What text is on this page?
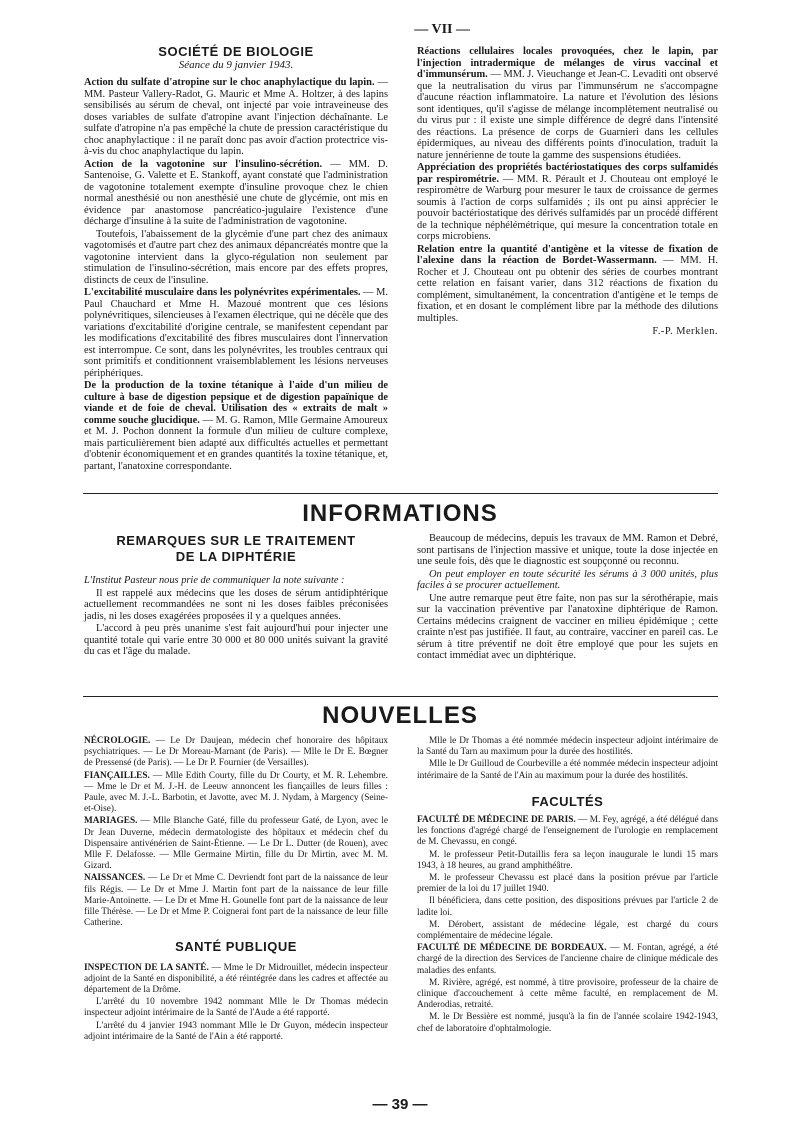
— VII —
SOCIÉTÉ DE BIOLOGIE
Séance du 9 janvier 1943.

Action du sulfate d'atropine sur le choc anaphylactique du lapin. — MM. Pasteur Vallery-Radot, G. Mauric et Mme A. Holtzer, à des lapins sensibilisés au sérum de cheval, ont injecté par voie intraveineuse des doses variables de sulfate d'atropine avant l'injection déchaînante. Le sulfate d'atropine n'a pas empêché la chute de pression caractéristique du choc anaphylactique : il ne paraît donc pas avoir d'action protectrice vis-à-vis du choc anaphylactique du lapin.

Action de la vagotonine sur l'insulino-sécrétion. — MM. D. Santenoise, G. Valette et E. Stankoff, ayant constaté que l'administration de vagotonine totalement exempte d'insuline provoque chez le chien normal anesthésié ou non anesthésié une chute de glycémie, ont mis en évidence par anastomose pancréatico-jugulaire l'existence d'une décharge d'insuline à la suite de l'administration de vagotonine.

Toutefois, l'abaissement de la glycémie d'une part chez des animaux vagotomisés et d'autre part chez des animaux dépancréatés montre que la vagotonine intervient dans la glyco-régulation non seulement par stimulation de l'insulino-sécrétion, mais encore par des effets propres, distincts de ceux de l'insuline.

L'excitabilité musculaire dans les polynévrites expérimentales. — M. Paul Chauchard et Mme H. Mazoué montrent que ces lésions polynévritiques, silencieuses à l'examen électrique, qui ne décèle que des variations d'excitabilité d'origine centrale, se manifestent cependant par les modifications d'excitabilité des fibres musculaires dont l'innervation est interrompue. Ce sont, dans les polynévrites, les troubles centraux qui sont primitifs et conditionnent vraisemblablement les lésions nerveuses périphériques.

De la production de la toxine tétanique à l'aide d'un milieu de culture à base de digestion pepsique et de digestion papaïnique de viande et de foie de cheval. Utilisation des « extraits de malt » comme souche glucidique. — M. G. Ramon, Mlle Germaine Amoureux et M. J. Pochon donnent la formule d'un milieu de culture complexe, mais particulièrement bien adapté aux difficultés actuelles et permettant d'obtenir économiquement et en grandes quantités la toxine tétanique, et, partant, l'anatoxine correspondante.

Réactions cellulaires locales provoquées, chez le lapin, par l'injection intradermique de mélanges de virus vaccinal et d'immunsérum. — MM. J. Vieuchange et Jean-C. Levaditi ont observé que la neutralisation du virus par l'immunsérum ne s'accompagne d'aucune réaction inflammatoire. La nature et l'évolution des lésions sont identiques, qu'il s'agisse de mélange incomplètement neutralisé ou du virus pur : il existe une simple différence de degré dans l'intensité des réactions. La présence de corps de Guarnieri dans les cellules épidermiques, au niveau des différents points d'inoculation, traduit la nature jennérienne de toute la gamme des suspensions étudiées.

Appréciation des propriétés bactériostatiques des corps sulfamidés par respirométrie. — MM. R. Pérault et J. Chouteau ont employé le respiromètre de Warburg pour mesurer le taux de croissance de germes soumis à l'action de corps sulfamidés ; ils ont pu ainsi apprécier le pouvoir bactériostatique des dérivés sulfamidés par un procédé différent de la technique néphélémétrique, qui mesure la concentration totale en corps microbiens.

Relation entre la quantité d'antigène et la vitesse de fixation de l'alexine dans la réaction de Bordet-Wassermann. — MM. H. Rocher et J. Chouteau ont pu obtenir des séries de courbes montrant cette relation en faisant varier, dans 312 réactions de fixation du complément, simultanément, la concentration d'antigène et le temps de fixation, et en dosant le complément libre par la méthode des dilutions multiples.

F.-P. Merklen.
INFORMATIONS
REMARQUES SUR LE TRAITEMENT
DE LA DIPHTÉRIE

L'Institut Pasteur nous prie de communiquer la note suivante :

Il est rappelé aux médecins que les doses de sérum antidiphtérique actuellement recommandées ne sont ni les doses faibles préconisées jadis, ni les doses exagérées proposées il y a quelques années.

L'accord à peu près unanime s'est fait aujourd'hui pour injecter une quantité totale qui varie entre 30 000 et 80 000 unités suivant la gravité du cas et l'âge du malade.

Beaucoup de médecins, depuis les travaux de MM. Ramon et Debré, sont partisans de l'injection massive et unique, toute la dose injectée en une seule fois, dès que le diagnostic est soupçonné ou reconnu.

On peut employer en toute sécurité les sérums à 3 000 unités, plus faciles à se procurer actuellement.

Une autre remarque peut être faite, non pas sur la sérothérapie, mais sur la vaccination préventive par l'anatoxine diphtérique de Ramon. Certains médecins craignent de vacciner en milieu épidémique ; cette crainte n'est pas justifiée. Il faut, au contraire, vacciner en pareil cas. Le sérum à titre préventif ne doit être employé que pour les sujets en contact immédiat avec un diphtérique.

NOUVELLES

NÉCROLOGIE. — Le Dr Daujean, médecin chef honoraire des hôpitaux psychiatriques. — Le Dr Moreau-Marnant (de Paris). — Mlle le Dr E. Bœgner de Pressensé (de Paris). — Le Dr P. Fournier (de Versailles).

FIANÇAILLES. — Mlle Edith Courty, fille du Dr Courty, et M. R. Lehembre. — Mme le Dr et M. J.-H. de Leeuw annoncent les fiançailles de leurs filles : Paule, avec M. J.-L. Barbotin, et Javotte, avec M. J. Nydam, à Margency (Seine-et-Oise).

MARIAGES. — Mlle Blanche Gaté, fille du professeur Gaté, de Lyon, avec le Dr Jean Duverne, médecin dermatologiste des hôpitaux et médecin chef du Dispensaire antivénérien de Saint-Étienne. — Le Dr L. Dutter (de Rouen), avec Mlle F. Delafosse. — Mlle Germaine Mirtin, fille du Dr Mirtin, avec M. M. Gizard.

NAISSANCES. — Le Dr et Mme C. Devriendt font part de la naissance de leur fils Régis. — Le Dr et Mme J. Martin font part de la naissance de leur fille Marie-Antoinette. — Le Dr et Mme H. Gounelle font part de la naissance de leur fille Thérèse. — Le Dr et Mme P. Coignerai font part de la naissance de leur fille Catherine.

SANTÉ PUBLIQUE

INSPECTION DE LA SANTÉ. — Mme le Dr Midrouillet, médecin inspecteur adjoint de la Santé en disponibilité, a été réintégrée dans les cadres et affectée au département de la Drôme.

L'arrêté du 10 novembre 1942 nommant Mlle le Dr Thomas médecin inspecteur adjoint intérimaire de la Santé de l'Aude a été rapporté.

L'arrêté du 4 janvier 1943 nommant Mlle le Dr Guyon, médecin inspecteur adjoint intérimaire de la Santé de l'Ain a été rapporté.

Mlle le Dr Thomas a été nommée médecin inspecteur adjoint intérimaire de la Santé du Tarn au maximum pour la durée des hostilités.

Mlle le Dr Guilloud de Courbeville a été nommée médecin inspecteur adjoint intérimaire de la Santé de l'Ain au maximum pour la durée des hostilités.

FACULTÉS

FACULTÉ DE MÉDECINE DE PARIS. — M. Fey, agrégé, a été délégué dans les fonctions d'agrégé chargé de l'enseignement de l'urologie en remplacement de M. Chevassu, en congé.

M. le professeur Petit-Dutaillis fera sa leçon inaugurale le lundi 15 mars 1943, à 18 heures, au grand amphithéâtre.

M. le professeur Chevassu est placé dans la position prévue par l'article premier de la loi du 17 juillet 1940.

Il bénéficiera, dans cette position, des dispositions prévues par l'article 2 de ladite loi.

M. Dérobert, assistant de médecine légale, est chargé du cours complémentaire de médecine légale.

FACULTÉ DE MÉDECINE DE BORDEAUX. — M. Fontan, agrégé, a été chargé de la direction des Services de l'ancienne chaire de clinique médicale des maladies des enfants.

M. Rivière, agrégé, est nommé, à titre provisoire, professeur de la chaire de clinique d'accouchement à cette même faculté, en remplacement de M. Anderodias, retraité.

M. le Dr Bessière est nommé, jusqu'à la fin de l'année scolaire 1942-1943, chef de laboratoire d'ophtalmologie.

— 39 —
